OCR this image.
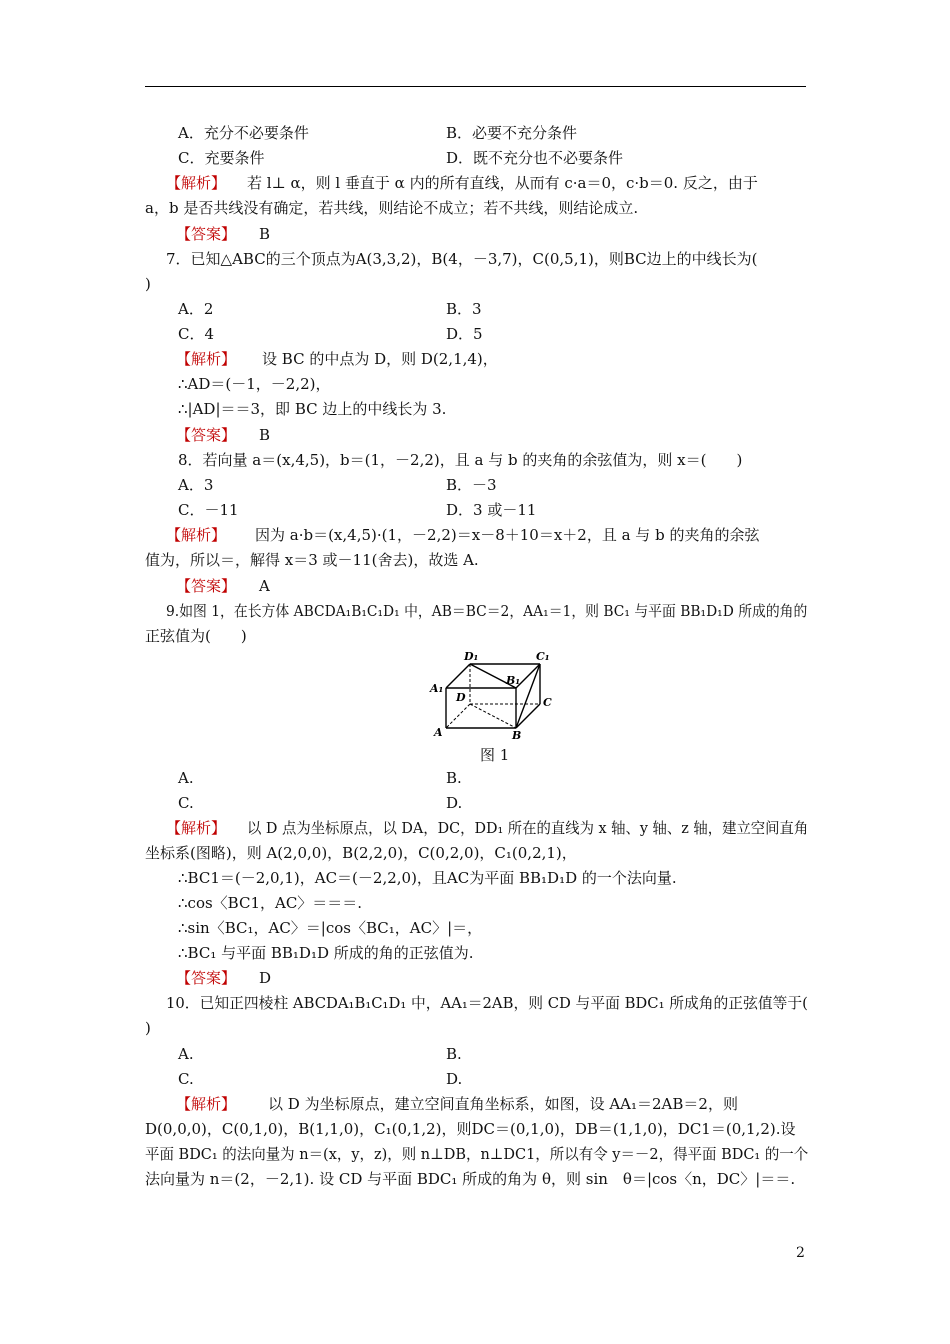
A．充分不必要条件	B．必要不充分条件
C．充要条件	D．既不充分也不必要条件
【解析】 若 l⊥ α，则 l 垂直于 α 内的所有直线，从而有 c·a＝0，c·b＝0. 反之，由于
a，b 是否共线没有确定，若共线，则结论不成立；若不共线，则结论成立.
【答案】 B
7．已知△ABC的三个顶点为A(3,3,2)，B(4，－3,7)，C(0,5,1)，则BC边上的中线长为(
)
A．2	B．3
C．4	D．5
【解析】 设 BC 的中点为 D，则 D(2,1,4)，
∴AD＝(－1，－2,2)，
∴|AD|＝＝3，即 BC 边上的中线长为 3.
【答案】 B
8．若向量 a＝(x,4,5)，b＝(1，－2,2)，且 a 与 b 的夹角的余弦值为，则 x＝(　　)
A．3	B．－3
C．－11	D．3 或－11
【解析】 因为 a·b＝(x,4,5)·(1，－2,2)＝x－8＋10＝x＋2，且 a 与 b 的夹角的余弦
值为，所以＝，解得 x＝3 或－11(舍去)，故选 A.
【答案】 A
9.如图 1，在长方体 ABCDA₁B₁C₁D₁ 中，AB＝BC＝2，AA₁＝1，则 BC₁ 与平面 BB₁D₁D 所成的角的
正弦值为(　　)
D₁	C₁
A₁
D
B₁
C
A	B
图 1
A.	B.
C.	D.
【解析】 以 D 点为坐标原点，以 DA，DC，DD₁ 所在的直线为 x 轴、y 轴、z 轴，建立空间直角
坐标系(图略)，则 A(2,0,0)，B(2,2,0)，C(0,2,0)，C₁(0,2,1)，
∴BC1＝(－2,0,1)，AC＝(－2,2,0)，且AC为平面 BB₁D₁D 的一个法向量.
∴cos〈BC1，AC〉＝＝＝.
∴sin〈BC₁，AC〉＝|cos〈BC₁，AC〉|＝，
∴BC₁ 与平面 BB₁D₁D 所成的角的正弦值为.
【答案】 D
10．已知正四棱柱 ABCDA₁B₁C₁D₁ 中，AA₁＝2AB，则 CD 与平面 BDC₁ 所成角的正弦值等于(
)
A.	B.
C.	D.
【解析】 以 D 为坐标原点，建立空间直角坐标系，如图，设 AA₁＝2AB＝2，则
D(0,0,0)，C(0,1,0)，B(1,1,0)，C₁(0,1,2)，则DC＝(0,1,0)，DB＝(1,1,0)，DC1＝(0,1,2).设
平面 BDC₁ 的法向量为 n＝(x，y，z)，则 n⊥DB，n⊥DC1，所以有令 y＝－2，得平面 BDC₁ 的一个
法向量为 n＝(2，－2,1). 设 CD 与平面 BDC₁ 所成的角为 θ，则 sin　θ＝|cos〈n，DC〉|＝＝.
2
